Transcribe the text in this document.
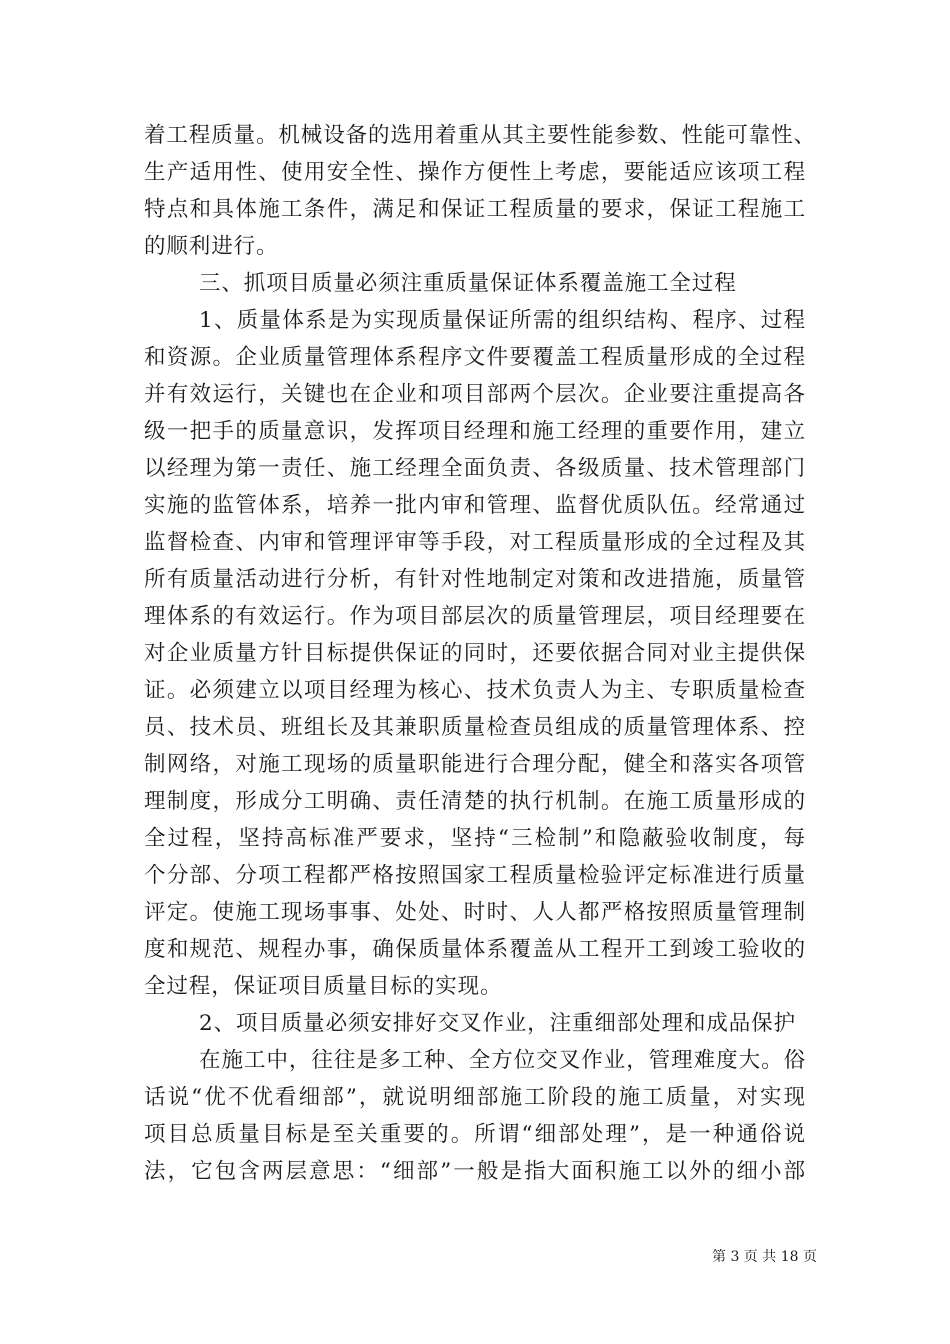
着工程质量。机械设备的选用着重从其主要性能参数、性能可靠性、
生产适用性、使用安全性、操作方便性上考虑，要能适应该项工程
特点和具体施工条件，满足和保证工程质量的要求，保证工程施工
的顺利进行。
三、抓项目质量必须注重质量保证体系覆盖施工全过程
1、质量体系是为实现质量保证所需的组织结构、程序、过程
和资源。企业质量管理体系程序文件要覆盖工程质量形成的全过程
并有效运行，关键也在企业和项目部两个层次。企业要注重提高各
级一把手的质量意识，发挥项目经理和施工经理的重要作用，建立
以经理为第一责任、施工经理全面负责、各级质量、技术管理部门
实施的监管体系，培养一批内审和管理、监督优质队伍。经常通过
监督检查、内审和管理评审等手段，对工程质量形成的全过程及其
所有质量活动进行分析，有针对性地制定对策和改进措施，质量管
理体系的有效运行。作为项目部层次的质量管理层，项目经理要在
对企业质量方针目标提供保证的同时，还要依据合同对业主提供保
证。必须建立以项目经理为核心、技术负责人为主、专职质量检查
员、技术员、班组长及其兼职质量检查员组成的质量管理体系、控
制网络，对施工现场的质量职能进行合理分配，健全和落实各项管
理制度，形成分工明确、责任清楚的执行机制。在施工质量形成的
全过程，坚持高标准严要求，坚持“三检制”和隐蔽验收制度，每
个分部、分项工程都严格按照国家工程质量检验评定标准进行质量
评定。使施工现场事事、处处、时时、人人都严格按照质量管理制
度和规范、规程办事，确保质量体系覆盖从工程开工到竣工验收的
全过程，保证项目质量目标的实现。
2、项目质量必须安排好交叉作业，注重细部处理和成品保护
在施工中，往往是多工种、全方位交叉作业，管理难度大。俗
话说“优不优看细部”，就说明细部施工阶段的施工质量，对实现
项目总质量目标是至关重要的。所谓“细部处理”，是一种通俗说
法，它包含两层意思：“细部”一般是指大面积施工以外的细小部
第 3 页 共 18 页
